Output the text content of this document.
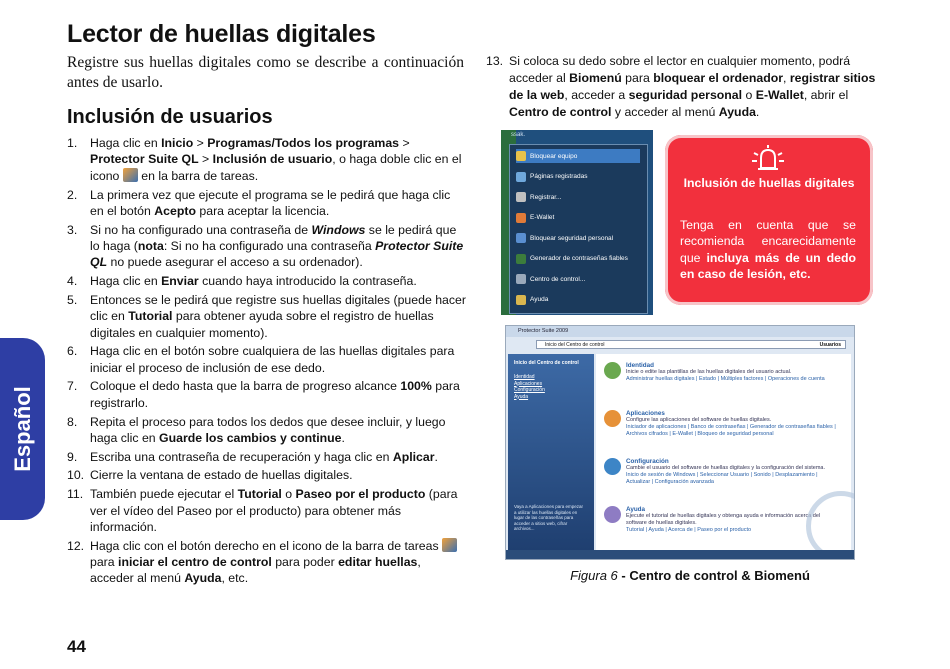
Lector de huellas digitales
Registre sus huellas digitales como se describe a continuación antes de usarlo.
Inclusión de usuarios
1. Haga clic en Inicio > Programas/Todos los programas > Protector Suite QL > Inclusión de usuario, o haga doble clic en el icono  en la barra de tareas.
2. La primera vez que ejecute el programa se le pedirá que haga clic en el botón Acepto para aceptar la licencia.
3. Si no ha configurado una contraseña de Windows se le pedirá que lo haga (nota: Si no ha configurado una contraseña Protector Suite QL no puede asegurar el acceso a su ordenador).
4. Haga clic en Enviar cuando haya introducido la contraseña.
5. Entonces se le pedirá que registre sus huellas digitales (puede hacer clic en Tutorial para obtener ayuda sobre el registro de huellas digitales en cualquier momento).
6. Haga clic en el botón sobre cualquiera de las huellas digitales para iniciar el proceso de inclusión de ese dedo.
7. Coloque el dedo hasta que la barra de progreso alcance 100% para registrarlo.
8. Repita el proceso para todos los dedos que desee incluir, y luego haga clic en Guarde los cambios y continue.
9. Escriba una contraseña de recuperación y haga clic en Aplicar.
10. Cierre la ventana de estado de huellas digitales.
11. También puede ejecutar el Tutorial o Paseo por el producto (para ver el vídeo del Paseo por el producto) para obtener más información.
12. Haga clic con el botón derecho en el icono de la barra de tareas  para iniciar el centro de control para poder editar huellas, acceder al menú Ayuda, etc.
13. Si coloca su dedo sobre el lector en cualquier momento, podrá acceder al Biomenú para bloquear el ordenador, registrar sitios de la web, acceder a seguridad personal o E-Wallet, abrir el Centro de control y acceder al menú Ayuda.
ssak.
Bloquear equipo
Páginas registradas
Registrar...
E-Wallet
Bloquear seguridad personal
Generador de contraseñas fiables
Centro de control...
Ayuda
Inclusión de huellas digitales
Tenga en cuenta que se recomienda encarecidamente que incluya más de un dedo en caso de lesión, etc.
Protector Suite 2009
Inicio del Centro de control	Usuarios
Inicio del Centro de control
Identidad
Aplicaciones
Configuración
Ayuda
Vaya a Aplicaciones para empezar a utilizar las huellas digitales en lugar de las contraseñas para acceder a sitios web, cifrar archivos...
Identidad
Inicie o edite las plantillas de las huellas digitales del usuario actual.
Administrar huellas digitales | Estado | Múltiples factores | Operaciones de cuenta
Aplicaciones
Configure las aplicaciones del software de huellas digitales.
Iniciador de aplicaciones | Banco de contraseñas | Generador de contraseñas fiables | Archivos cifrados | E-Wallet | Bloqueo de seguridad personal
Configuración
Cambie el usuario del software de huellas digitales y la configuración del sistema.
Inicio de sesión de Windows | Seleccionar Usuario | Sonido | Desplazamiento | Actualizar | Configuración avanzada
Ayuda
Ejecute el tutorial de huellas digitales y obtenga ayuda e información acerca del software de huellas digitales.
Tutorial | Ayuda | Acerca de | Paseo por el producto
Figura 6 - Centro de control & Biomenú
Español
44
